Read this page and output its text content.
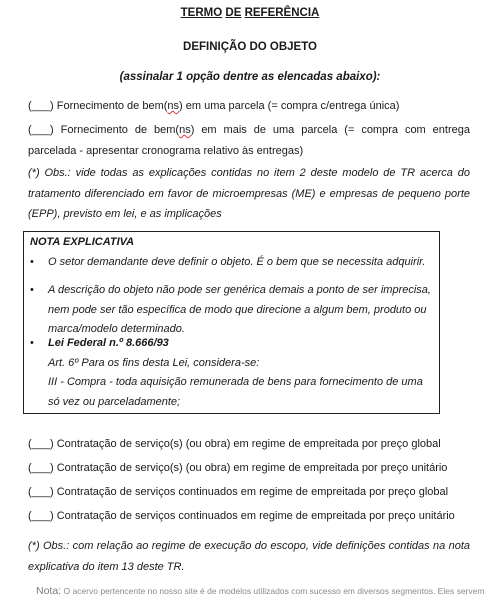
TERMO DE REFERÊNCIA
DEFINIÇÃO DO OBJETO
(assinalar 1 opção dentre as elencadas abaixo):
(___) Fornecimento de bem(ns) em uma parcela (= compra c/entrega única)
(___) Fornecimento de bem(ns) em mais de uma parcela (= compra com entrega parcelada - apresentar cronograma relativo às entregas)
(*) Obs.: vide todas as explicações contidas no item 2 deste modelo de TR acerca do tratamento diferenciado em favor de microempresas (ME) e empresas de pequeno porte (EPP), previsto em lei, e as implicações
NOTA EXPLICATIVA
•	O setor demandante deve definir o objeto. É o bem que se necessita adquirir.
•	A descrição do objeto não pode ser genérica demais a ponto de ser imprecisa, nem pode ser tão específica de modo que direcione a algum bem, produto ou marca/modelo determinado.
•	Lei Federal n.º 8.666/93
Art. 6º Para os fins desta Lei, considera-se:
III - Compra - toda aquisição remunerada de bens para fornecimento de uma só vez ou parceladamente;
(___) Contratação de serviço(s) (ou obra) em regime de empreitada por preço global
(___) Contratação de serviço(s) (ou obra) em regime de empreitada por preço unitário
(___) Contratação de serviços continuados em regime de empreitada por preço global
(___) Contratação de serviços continuados em regime de empreitada por preço unitário
(*) Obs.: com relação ao regime de execução do escopo, vide definições contidas na nota explicativa do item 13 deste TR.
Nota: O acervo pertencente no nosso site é de modelos utilizados com sucesso em diversos segmentos. Eles servem
